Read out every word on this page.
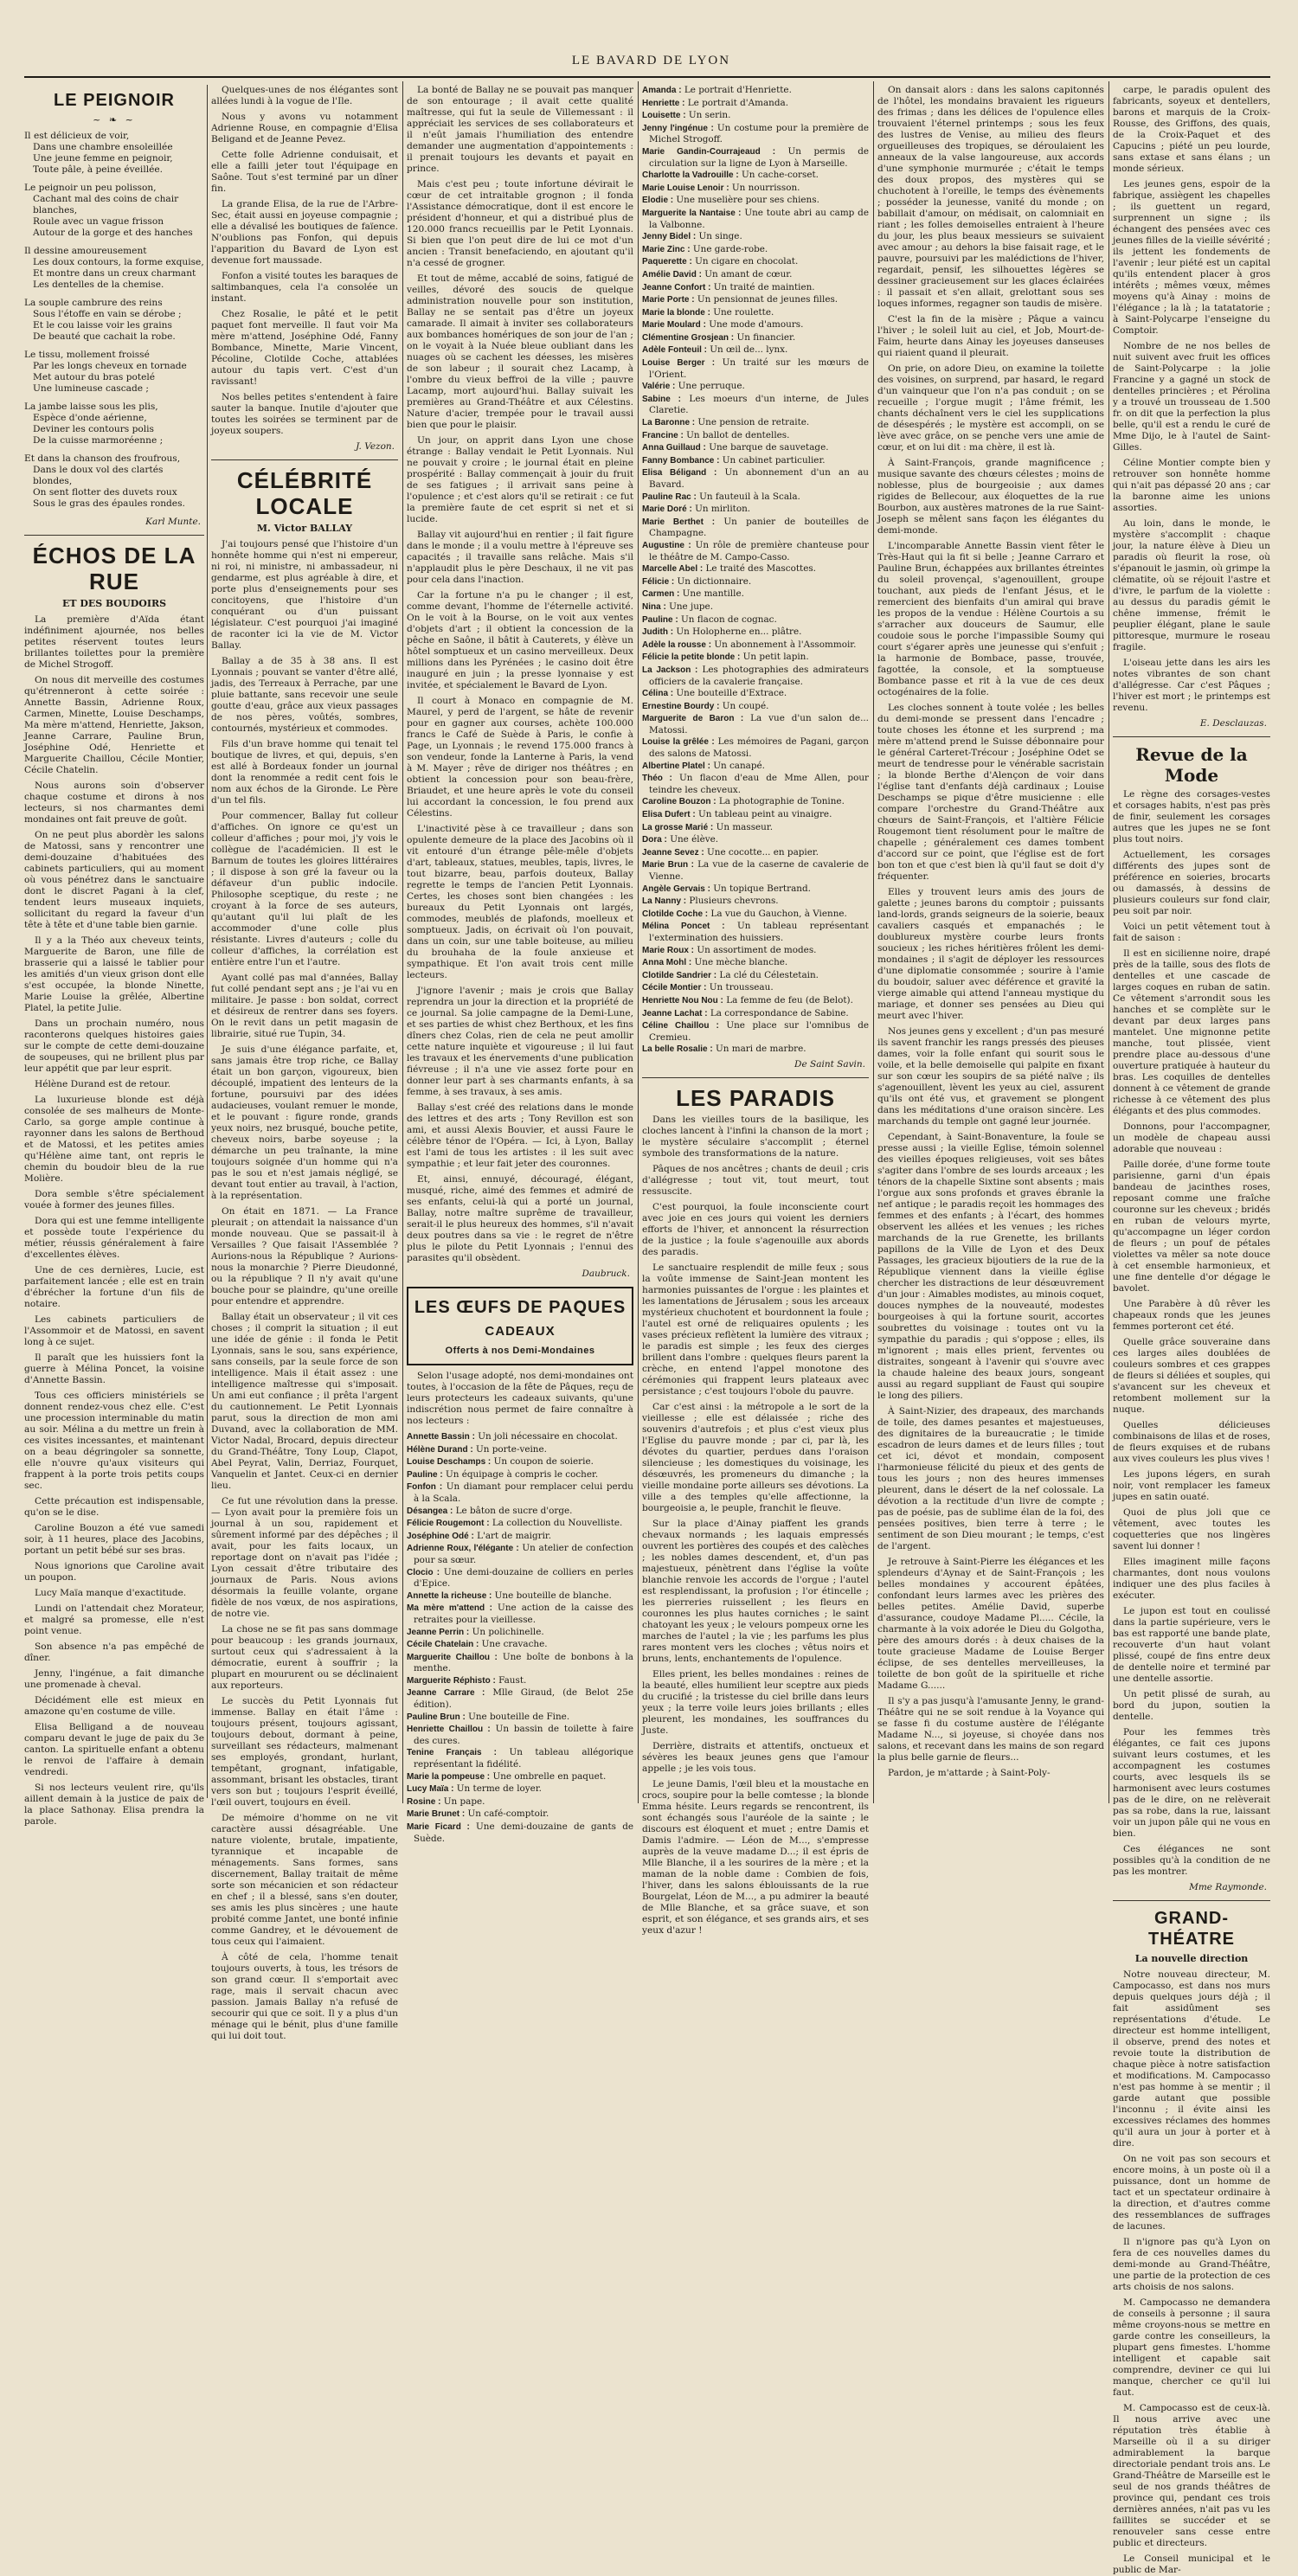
LE BAVARD DE LYON
LE PEIGNOIR
~ ❧ ~
Il est délicieux de voir,
Dans une chambre ensoleillée
Une jeune femme en peignoir,
Toute pâle, à peine éveillée.
Le peignoir un peu polisson,
Cachant mal des coins de chair blanches,
Roule avec un vague frisson
Autour de la gorge et des hanches
Il dessine amoureusement
Les doux contours, la forme exquise,
Et montre dans un creux charmant
Les dentelles de la chemise.
La souple cambrure des reins
Sous l'étoffe en vain se dérobe ;
Et le cou laisse voir les grains
De beauté que cachait la robe.
Le tissu, mollement froissé
Par les longs cheveux en tornade
Met autour du bras potelé
Une lumineuse cascade ;
La jambe laisse sous les plis,
Espèce d'onde aérienne,
Deviner les contours polis
De la cuisse marmoréenne ;
Et dans la chanson des froufrous,
Dans le doux vol des clartés blondes,
On sent flotter des duvets roux
Sous le gras des épaules rondes.
Karl Munte.
ÉCHOS DE LA RUE
ET DES BOUDOIRS

La première d'Aïda étant indéfiniment ajournée, nos belles petites réservent toutes leurs brillantes toilettes pour la première de Michel Strogoff.

On nous dit merveille des costumes qu'étrenneront à cette soirée : Annette Bassin, Adrienne Roux, Carmen, Minette, Louise Deschamps, Ma mère m'attend, Henriette, Jakson, Jeanne Carrare, Pauline Brun, Joséphine Odé, Henriette et Marguerite Chaillou, Cécile Montier, Cécile Chatelin.

Nous aurons soin d'observer chaque costume et dirons à nos lecteurs, si nos charmantes demi mondaines ont fait preuve de goût.

On ne peut plus abordèr les salons de Matossi, sans y rencontrer une demi-douzaine d'habituées des cabinets particuliers, qui au moment où vous pénétrez dans le sanctuaire dont le discret Pagani à la clef, tendent leurs museaux inquiets, sollicitant du regard la faveur d'un tête à tête et d'une table bien garnie.

Il y a la Théo aux cheveux teints, Marguerite de Baron, une fille de brasserie qui a laissé le tablier pour les amitiés d'un vieux grison dont elle s'est occupée, la blonde Ninette, Marie Louise la grêlée, Albertine Platel, la petite Julie.

Dans un prochain numéro, nous raconterons quelques histoires gaies sur le compte de cette demi-douzaine de soupeuses, qui ne brillent plus par leur appétit que par leur esprit.

Hélène Durand est de retour.

La luxurieuse blonde est déjà consolée de ses malheurs de Monte-Carlo, sa gorge ample continue à rayonner dans les salons de Berthoud et de Matossi, et les petites amies qu'Hélène aime tant, ont repris le chemin du boudoir bleu de la rue Molière.

Dora semble s'être spécialement vouée à former des jeunes filles.

Dora qui est une femme intelligente et possède toute l'expérience du métier, réussis généralement à faire d'excellentes élèves.

Une de ces dernières, Lucie, est parfaitement lancée ; elle est en train d'ébrécher la fortune d'un fils de notaire.

Les cabinets particuliers de l'Assommoir et de Matossi, en savent long à ce sujet.

Il paraît que les huissiers font la guerre à Mélina Poncet, la voisine d'Annette Bassin.

Tous ces officiers ministériels se donnent rendez-vous chez elle. C'est une procession interminable du matin au soir. Mélina a du mettre un frein à ces visites incessantes, et maintenant on a beau dégringoler sa sonnette, elle n'ouvre qu'aux visiteurs qui frappent à la porte trois petits coups sec.

Cette précaution est indispensable, qu'on se le dise.

Caroline Bouzon a été vue samedi soir, à 11 heures, place des Jacobins, portant un petit bébé sur ses bras.

Nous ignorions que Caroline avait un poupon.

Lucy Maïa manque d'exactitude.

Lundi on l'attendait chez Morateur, et malgré sa promesse, elle n'est point venue.

Son absence n'a pas empêché de dîner.

Jenny, l'ingénue, a fait dimanche une promenade à cheval.

Décidément elle est mieux en amazone qu'en costume de ville.

Elisa Belligand a de nouveau comparu devant le juge de paix du 3e canton. La spirituelle enfant a obtenu le renvoi de l'affaire à demain vendredi.

Si nos lecteurs veulent rire, qu'ils aillent demain à la justice de paix de la place Sathonay. Elisa prendra la parole.

Quelques-unes de nos élégantes sont allées lundi à la vogue de l'Ile.

Nous y avons vu notamment Adrienne Rouse, en compagnie d'Elisa Beligand et de Jeanne Pevez.

Cette folle Adrienne conduisait, et elle a failli jeter tout l'équipage en Saône. Tout s'est terminé par un dîner fin.

La grande Elisa, de la rue de l'Arbre-Sec, était aussi en joyeuse compagnie ; elle a dévalisé les boutiques de faïence. N'oublions pas Fonfon, qui depuis l'apparition du Bavard de Lyon est devenue fort maussade.

Fonfon a visité toutes les baraques de saltimbanques, cela l'a consolée un instant.

Chez Rosalie, le pâté et le petit paquet font merveille. Il faut voir Ma mère m'attend, Joséphine Odé, Fanny Bombance, Minette, Marie Vincent, Pécoline, Clotilde Coche, attablées autour du tapis vert. C'est d'un ravissant!

Nos belles petites s'entendent à faire sauter la banque. Inutile d'ajouter que toutes les soirées se terminent par de joyeux soupers.

J. Vezon.
CÉLÉBRITÉ LOCALE
M. Victor BALLAY

J'ai toujours pensé que l'histoire d'un honnête homme qui n'est ni empereur, ni roi, ni ministre, ni ambassadeur, ni gendarme, est plus agréable à dire, et porte plus d'enseignements pour ses concitoyens, que l'histoire d'un conquérant ou d'un puissant législateur. C'est pourquoi j'ai imaginé de raconter ici la vie de M. Victor Ballay.

Ballay a de 35 à 38 ans. Il est Lyonnais ; pouvant se vanter d'être allé, jadis, des Terreaux à Perrache, par une pluie battante, sans recevoir une seule goutte d'eau, grâce aux vieux passages de nos pères, voûtés, sombres, contournés, mystérieux et commodes.

Fils d'un brave homme qui tenait tel boutique de livres, et qui, depuis, s'en est allé à Bordeaux fonder un journal dont la renommée a redit cent fois le nom aux échos de la Gironde. Le Père d'un tel fils.

Pour commencer, Ballay fut colleur d'affiches. On ignore ce qu'est un colleur d'affiches ; pour moi, j'y vois le collègue de l'académicien. Il est le Barnum de toutes les gloires littéraires ; il dispose à son gré la faveur ou la défaveur d'un public indocile. Philosophe sceptique, du reste ; ne croyant à la force de ses auteurs, qu'autant qu'il lui plaît de les accommoder d'une colle plus résistante. Livres d'auteurs ; colle du colleur d'affiches, la corrélation est entière entre l'un et l'autre.

Ayant collé pas mal d'années, Ballay fut collé pendant sept ans ; je l'ai vu en militaire. Je passe : bon soldat, correct et désireux de rentrer dans ses foyers. On le revit dans un petit magasin de librairie, situé rue Tupin, 34.

Je suis d'une élégance parfaite, et, sans jamais être trop riche, ce Ballay était un bon garçon, vigoureux, bien découplé, impatient des lenteurs de la fortune, poursuivi par des idées audacieuses, voulant remuer le monde, et le pouvant : figure ronde, grands yeux noirs, nez brusqué, bouche petite, cheveux noirs, barbe soyeuse ; la démarche un peu traînante, la mine toujours soignée d'un homme qui n'a pas le sou et n'est jamais négligé, se devant tout entier au travail, à l'action, à la représentation.

On était en 1871. — La France pleurait ; on attendait la naissance d'un monde nouveau. Que se passait-il à Versailles ? Que faisait l'Assemblée ? Aurions-nous la République ? Aurions-nous la monarchie ? Pierre Dieudonné, ou la république ? Il n'y avait qu'une bouche pour se plaindre, qu'une oreille pour entendre et apprendre.

Ballay était un observateur ; il vit ces choses ; il comprit la situation ; il eut une idée de génie : il fonda le Petit Lyonnais, sans le sou, sans expérience, sans conseils, par la seule force de son intelligence. Mais il était assez : une intelligence maîtresse qui s'imposait. Un ami eut confiance ; il prêta l'argent du cautionnement. Le Petit Lyonnais parut, sous la direction de mon ami Duvand, avec la collaboration de MM. Victor Nadal, Brocard, depuis directeur du Grand-Théâtre, Tony Loup, Clapot, Abel Peyrat, Valin, Derriaz, Fourquet, Vanquelin et Jantet. Ceux-ci en dernier lieu.

Ce fut une révolution dans la presse. — Lyon avait pour la première fois un journal à un sou, rapidement et sûrement informé par des dépêches ; il avait, pour les faits locaux, un reportage dont on n'avait pas l'idée ; Lyon cessait d'être tributaire des journaux de Paris. Nous avions désormais la feuille volante, organe fidèle de nos vœux, de nos aspirations, de notre vie.

La chose ne se fit pas sans dommage pour beaucoup : les grands journaux, surtout ceux qui s'adressaient à la démocratie, eurent à souffrir ; la plupart en moururent ou se déclinaient aux reporteurs.

Le succès du Petit Lyonnais fut immense. Ballay en était l'âme : toujours présent, toujours agissant, toujours debout, dormant à peine, surveillant ses rédacteurs, malmenant ses employés, grondant, hurlant, tempêtant, grognant, infatigable, assommant, brisant les obstacles, tirant vers son but ; toujours l'esprit éveillé, l'œil ouvert, toujours en éveil.

De mémoire d'homme on ne vit caractère aussi désagréable. Une nature violente, brutale, impatiente, tyrannique et incapable de ménagements. Sans formes, sans discernement, Ballay traitait de même sorte son mécanicien et son rédacteur en chef ; il a blessé, sans s'en douter, ses amis les plus sincères ; une haute probité comme Jantet, une bonté infinie comme Gandrey, et le dévouement de tous ceux qui l'aimaient.

À côté de cela, l'homme tenait toujours ouverts, à tous, les trésors de son grand cœur. Il s'emportait avec rage, mais il servait chacun avec passion. Jamais Ballay n'a refusé de secourir qui que ce soit. Il y a plus d'un ménage qui le bénit, plus d'une famille qui lui doit tout.

La bonté de Ballay ne se pouvait pas manquer de son entourage ; il avait cette qualité maîtresse, qui fut la seule de Villemessant : il appréciait les services de ses collaborateurs et il n'eût jamais l'humiliation des entendre demander une augmentation d'appointements : il prenait toujours les devants et payait en prince.

Mais c'est peu ; toute infortune dévirait le cœur de cet intraitable grognon ; il fonda l'Assistance démocratique, dont il est encore le président d'honneur, et qui a distribué plus de 120.000 francs recueillis par le Petit Lyonnais. Si bien que l'on peut dire de lui ce mot d'un ancien : Transit benefaciendo, en ajoutant qu'il n'a cessé de grogner.

Et tout de même, accablé de soins, fatigué de veilles, dévoré des soucis de quelque administration nouvelle pour son institution, Ballay ne se sentait pas d'être un joyeux camarade. Il aimait à inviter ses collaborateurs aux bombances homériques de son jour de l'an ; on le voyait à la Nuée bleue oubliant dans les nuages où se cachent les déesses, les misères de son labeur ; il sourait chez Lacamp, à l'ombre du vieux beffroi de la ville ; pauvre Lacamp, mort aujourd'hui. Ballay suivait les premières au Grand-Théâtre et aux Célestins. Nature d'acier, trempée pour le travail aussi bien que pour le plaisir.

Un jour, on apprit dans Lyon une chose étrange : Ballay vendait le Petit Lyonnais. Nul ne pouvait y croire ; le journal était en pleine prospérité : Ballay commençait à jouir du fruit de ses fatigues ; il arrivait sans peine à l'opulence ; et c'est alors qu'il se retirait : ce fut la première faute de cet esprit si net et si lucide.

Ballay vit aujourd'hui en rentier ; il fait figure dans le monde ; il a voulu mettre à l'épreuve ses capacités ; il travaille sans relâche. Mais s'il n'applaudit plus le père Deschaux, il ne vit pas pour cela dans l'inaction.

Car la fortune n'a pu le changer ; il est, comme devant, l'homme de l'éternelle activité. On le voit à la Bourse, on le voit aux ventes d'objets d'art ; il obtient la concession de la pêche en Saône, il bâtit à Cauterets, y élève un hôtel somptueux et un casino merveilleux. Deux millions dans les Pyrénées ; le casino doit être inauguré en juin ; la presse lyonnaise y est invitée, et spécialement le Bavard de Lyon.

Il court à Monaco en compagnie de M. Maurel, y perd de l'argent, se hâte de revenir pour en gagner aux courses, achète 100.000 francs le Café de Suède à Paris, le confie à Page, un Lyonnais ; le revend 175.000 francs à son vendeur, fonde la Lanterne à Paris, la vend à M. Mayer ; rêve de diriger nos théâtres ; en obtient la concession pour son beau-frère, Briaudet, et une heure après le vote du conseil lui accordant la concession, le fou prend aux Célestins.

L'inactivité pèse à ce travailleur ; dans son opulente demeure de la place des Jacobins où il vit entouré d'un étrange pêle-mêle d'objets d'art, tableaux, statues, meubles, tapis, livres, le tout bizarre, beau, parfois douteux, Ballay regrette le temps de l'ancien Petit Lyonnais. Certes, les choses sont bien changées : les bureaux du Petit Lyonnais ont largés, commodes, meublés de plafonds, moelleux et somptueux. Jadis, on écrivait où l'on pouvait, dans un coin, sur une table boiteuse, au milieu du brouhaha de la foule anxieuse et sympathique. Et l'on avait trois cent mille lecteurs.

J'ignore l'avenir ; mais je crois que Ballay reprendra un jour la direction et la propriété de ce journal. Sa jolie campagne de la Demi-Lune, et ses parties de whist chez Berthoux, et les fins dîners chez Colas, rien de cela ne peut amollir cette nature inquiète et vigoureuse ; il lui faut les travaux et les énervements d'une publication fiévreuse ; il n'a une vie assez forte pour en donner leur part à ses charmants enfants, à sa femme, à ses travaux, à ses amis.

Ballay s'est créé des relations dans le monde des lettres et des arts ; Tony Revillon est son ami, et aussi Alexis Bouvier, et aussi Faure le célèbre ténor de l'Opéra. — Ici, à Lyon, Ballay est l'ami de tous les artistes : il les suit avec sympathie ; et leur fait jeter des couronnes.

Et, ainsi, ennuyé, découragé, élégant, musqué, riche, aimé des femmes et admiré de ses enfants, celui-là qui a porté un journal, Ballay, notre maître suprême de travailleur, serait-il le plus heureux des hommes, s'il n'avait deux poutres dans sa vie : le regret de n'être plus le pilote du Petit Lyonnais ; l'ennui des parasites qu'il obsèdent.

Daubruck.
LES ŒUFS DE PAQUES
CADEAUX
Offerts à nos Demi-Mondaines

Selon l'usage adopté, nos demi-mondaines ont toutes, à l'occasion de la fête de Pâques, reçu de leurs protecteurs les cadeaux suivants, qu'une indiscrétion nous permet de faire connaître à nos lecteurs :

Annette Bassin : Un joli nécessaire en chocolat.
Hélène Durand : Un porte-veine.
Louise Deschamps : Un coupon de soierie.
Pauline : Un équipage à compris le cocher.
Fonfon : Un diamant pour remplacer celui perdu à la Scala.
Désangea : Le bâton de sucre d'orge.
Félicie Rougemont : La collection du Nouvelliste.
Joséphine Odé : L'art de maigrir.
Adrienne Roux, l'élégante : Un atelier de confection pour sa sœur.
Clocio : Une demi-douzaine de colliers en perles d'Epice.
Annette la richeuse : Une bouteille de blanche.
Ma mère m'attend : Une action de la caisse des retraites pour la vieillesse.
Jeanne Perrin : Un polichinelle.
Cécile Chatelain : Une cravache.
Marguerite Chaillou : Une boîte de bonbons à la menthe.
Marguerite Réphisto : Faust.
Jeanne Carrare : Mlle Giraud, (de Belot 25e édition).
Pauline Brun : Une bouteille de Fine.
Henriette Chaillou : Un bassin de toilette à faire des cures.
Tenine Français : Un tableau allégorique représentant la fidélité.
Marie la pompeuse : Une ombrelle en paquet.
Lucy Maïa : Un terme de loyer.
Rosine : Un pape.
Marie Brunet : Un café-comptoir.
Marie Ficard : Une demi-douzaine de gants de Suède.
Amanda : Le portrait d'Henriette.
Henriette : Le portrait d'Amanda.
Louisette : Un serin.
Jenny l'ingénue : Un costume pour la première de Michel Strogoff.
Marie Gandin-Courrajeaud : Un permis de circulation sur la ligne de Lyon à Marseille.
Charlotte la Vadrouille : Un cache-corset.
Marie Louise Lenoir : Un nourrisson.
Elodie : Une muselière pour ses chiens.
Marguerite la Nantaise : Une toute abri au camp de la Valbonne.
Jenny Bidel : Un singe.
Marie Zinc : Une garde-robe.
Paquerette : Un cigare en chocolat.
Amélie David : Un amant de cœur.
Jeanne Confort : Un traité de maintien.
Marie Porte : Un pensionnat de jeunes filles.
Marie la blonde : Une roulette.
Marie Moulard : Une mode d'amours.
Clémentine Grosjean : Un financier.
Adèle Fonteuil : Un œil de... lynx.
Louise Berger : Un traité sur les mœurs de l'Orient.
Valérie : Une perruque.
Sabine : Les moeurs d'un interne, de Jules Claretie.
La Baronne : Une pension de retraite.
Francine : Un ballot de dentelles.
Anna Guillaud : Une barque de sauvetage.
Fanny Bombance : Un cabinet particulier.
Elisa Béligand : Un abonnement d'un an au Bavard.
Pauline Rac : Un fauteuil à la Scala.
Marie Doré : Un mirliton.
Marie Berthet : Un panier de bouteilles de Champagne.
Augustine : Un rôle de première chanteuse pour le théâtre de M. Campo-Casso.
Marcelle Abel : Le traité des Mascottes.
Félicie : Un dictionnaire.
Carmen : Une mantille.
Nina : Une jupe.
Pauline : Un flacon de cognac.
Judith : Un Holopherne en... plâtre.
Adèle la rousse : Un abonnement à l'Assommoir.
Félicie la petite blonde : Un petit lapin.
La Jackson : Les photographies des admirateurs officiers de la cavalerie française.
Célina : Une bouteille d'Extrace.
Ernestine Bourdy : Un coupé.
Marguerite de Baron : La vue d'un salon de... Matossi.
Louise la grêlée : Les mémoires de Pagani, garçon des salons de Matossi.
Albertine Platel : Un canapé.
Théo : Un flacon d'eau de Mme Allen, pour teindre les cheveux.
Caroline Bouzon : La photographie de Tonine.
Elisa Dufert : Un tableau peint au vinaigre.
La grosse Marié : Un masseur.
Dora : Une élève.
Jeanne Sevez : Une cocotte... en papier.
Marie Brun : La vue de la caserne de cavalerie de Vienne.
Angèle Gervais : Un topique Bertrand.
La Nanny : Plusieurs chevrons.
Clotilde Coche : La vue du Gauchon, à Vienne.
Mélina Poncet : Un tableau représentant l'extermination des huissiers.
Marie Roux : Un assortiment de modes.
Anna Mohl : Une mèche blanche.
Clotilde Sandrier : La clé du Célestetain.
Cécile Montier : Un trousseau.
Henriette Nou Nou : La femme de feu (de Belot).
Jeanne Lachat : La correspondance de Sabine.
Céline Chaillou : Une place sur l'omnibus de Cremieu.
La belle Rosalie : Un mari de marbre.
De Saint Savin.
LES PARADIS

Dans les vieilles tours de la basilique, les cloches lancent à l'infini la chanson de la mort ; le mystère séculaire s'accomplit ; éternel symbole des transformations de la nature.

Pâques de nos ancêtres ; chants de deuil ; cris d'allégresse ; tout vit, tout meurt, tout ressuscite.

C'est pourquoi, la foule inconsciente court avec joie en ces jours qui voient les derniers efforts de l'hiver, et annoncent la résurrection de la justice ; la foule s'agenouille aux abords des paradis.

Le sanctuaire resplendit de mille feux ; sous la voûte immense de Saint-Jean montent les harmonies puissantes de l'orgue : les plaintes et les lamentations de Jérusalem ; sous les arceaux mystérieux chuchotent et bourdonnent la foule ; l'autel est orné de reliquaires opulents ; les vases précieux reflètent la lumière des vitraux ; le paradis est simple ; les feux des cierges brillent dans l'ombre : quelques fleurs parent la crèche, en entend l'appel monotone des cérémonies qui frappent leurs plateaux avec persistance ; c'est toujours l'obole du pauvre.

Car c'est ainsi : la métropole a le sort de la vieillesse ; elle est délaissée ; riche des souvenirs d'autrefois ; et plus c'est vieux plus l'Eglise du pauvre monde ; par ci, par là, les dévotes du quartier, perdues dans l'oraison silencieuse ; les domestiques du voisinage, les désœuvrés, les promeneurs du dimanche ; la vieille mondaine porte ailleurs ses dévotions. La ville a des temples qu'elle affectionne, la bourgeoisie a, le peuple, franchit le fleuve.

Sur la place d'Ainay piaffent les grands chevaux normands ; les laquais empressés ouvrent les portières des coupés et des calèches ; les nobles dames descendent, et, d'un pas majestueux, pénètrent dans l'église la voûte blanchie renvoie les accords de l'orgue ; l'autel est resplendissant, la profusion ; l'or étincelle ; les pierreries ruissellent ; les fleurs en couronnes les plus hautes corniches ; le saint chatoyant les yeux ; le velours pompeux orne les marches de l'autel ; la vie ; les parfums les plus rares montent vers les cloches ; vêtus noirs et bruns, lents, enchantements de l'opulence.

Elles prient, les belles mondaines : reines de la beauté, elles humilient leur sceptre aux pieds du crucifié ; la tristesse du ciel brille dans leurs yeux ; la terre voile leurs joies brillants ; elles pleurent, les mondaines, les souffrances du Juste.

Derrière, distraits et attentifs, onctueux et sévères les beaux jeunes gens que l'amour appelle ; je les vois tous.

Le jeune Damis, l'œil bleu et la moustache en crocs, soupire pour la belle comtesse ; la blonde Emma hésite. Leurs regards se rencontrent, ils sont échangés sous l'auréole de la sainte ; le discours est éloquent et muet ; entre Damis et Damis l'admire. — Léon de M..., s'empresse auprès de la veuve madame D...; il est épris de Mlle Blanche, il a les sourires de la mère ; et la maman de la noble dame : Combien de fois, l'hiver, dans les salons éblouissants de la rue Bourgelat, Léon de M..., a pu admirer la beauté de Mlle Blanche, et sa grâce suave, et son esprit, et son élégance, et ses grands airs, et ses yeux d'azur !

On dansait alors : dans les salons capitonnés de l'hôtel, les mondains bravaient les rigueurs des frimas ; dans les délices de l'opulence elles trouvaient l'éternel printemps ; sous les feux des lustres de Venise, au milieu des fleurs orgueilleuses des tropiques, se déroulaient les anneaux de la valse langoureuse, aux accords d'une symphonie murmurée ; c'était le temps des doux propos, des mystères qui se chuchotent à l'oreille, le temps des évènements ; posséder la jeunesse, vanité du monde ; on babillait d'amour, on médisait, on calomniait en riant ; les folles demoiselles entraient à l'heure du jour, les plus beaux messieurs se suivaient avec amour ; au dehors la bise faisait rage, et le pauvre, poursuivi par les malédictions de l'hiver, regardait, pensif, les silhouettes légères se dessiner gracieusement sur les glaces éclairées : il passait et s'en allait, grelottant sous ses loques informes, regagner son taudis de misère.

C'est la fin de la misère ; Pâque a vaincu l'hiver ; le soleil luit au ciel, et Job, Mourt-de-Faim, heurte dans Ainay les joyeuses danseuses qui riaient quand il pleurait.

On prie, on adore Dieu, on examine la toilette des voisines, on surprend, par hasard, le regard d'un vainqueur que l'on n'a pas conduit ; on se recueille ; l'orgue mugit ; l'âme frémit, les chants déchaînent vers le ciel les supplications de désespérés ; le mystère est accompli, on se lève avec grâce, on se penche vers une amie de cœur, et on lui dit : ma chère, il est là.

À Saint-François, grande magnificence ; musique savante des chœurs célestes ; moins de noblesse, plus de bourgeoisie ; aux dames rigides de Bellecour, aux éloquettes de la rue Bourbon, aux austères matrones de la rue Saint-Joseph se mêlent sans façon les élégantes du demi-monde.

L'incomparable Annette Bassin vient fêter le Très-Haut qui la fit si belle ; Jeanne Carraro et Pauline Brun, échappées aux brillantes étreintes du soleil provençal, s'agenouillent, groupe touchant, aux pieds de l'enfant Jésus, et le remercient des bienfaits d'un amiral qui brave les propos de la vendue : Hélène Courtois a su s'arracher aux douceurs de Saumur, elle coudoie sous le porche l'impassible Soumy qui court s'égarer après une jeunesse qui s'enfuit ; la harmonie de Bombace, passe, trouvée, fagottée, la console, et la somptueuse Bombance passe et rit à la vue de ces deux octogénaires de la folie.

Les cloches sonnent à toute volée ; les belles du demi-monde se pressent dans l'encadre ; toute choses les étonne et les surprend ; ma mère m'attend prend le Suisse débonnaire pour le général Carteret-Trécour ; Joséphine Odet se meurt de tendresse pour le vénérable sacristain ; la blonde Berthe d'Alençon de voir dans l'église tant d'enfants déjà cardinaux ; Louise Deschamps se pique d'être musicienne : elle compare l'orchestre du Grand-Théâtre aux chœurs de Saint-François, et l'altière Félicie Rougemont tient résolument pour le maître de chapelle ; généralement ces dames tombent d'accord sur ce point, que l'église est de fort bon ton et que c'est bien là qu'il faut se doit d'y fréquenter.

Elles y trouvent leurs amis des jours de galette ; jeunes barons du comptoir ; puissants land-lords, grands seigneurs de la soierie, beaux cavaliers casqués et empanachés ; le doublureux mystère courbe leurs fronts soucieux ; les riches héritières frôlent les demi-mondaines ; il s'agit de déployer les ressources d'une diplomatie consommée ; sourire à l'amie du boudoir, saluer avec déférence et gravité la vierge aimable qui attend l'anneau mystique du mariage, et donner ses pensées au Dieu qui meurt avec l'hiver.

Nos jeunes gens y excellent ; d'un pas mesuré ils savent franchir les rangs pressés des pieuses dames, voir la folle enfant qui sourit sous le voile, et la belle demoiselle qui palpite en fixant sur son cœur les soupirs de sa piété naïve ; ils s'agenouillent, lèvent les yeux au ciel, assurent qu'ils ont été vus, et gravement se plongent dans les méditations d'une oraison sincère. Les marchands du temple ont gagné leur journée.

Cependant, à Saint-Bonaventure, la foule se presse aussi ; la vieille Eglise, témoin solennel des vieilles époques religieuses, voit ses bâtes s'agiter dans l'ombre de ses lourds arceaux ; les ténors de la chapelle Sixtine sont absents ; mais l'orgue aux sons profonds et graves ébranle la nef antique ; le paradis reçoit les hommages des femmes et des enfants ; à l'écart, des hommes observent les allées et les venues ; les riches marchands de la rue Grenette, les brillants papillons de la Ville de Lyon et des Deux Passages, les gracieux bijoutiers de la rue de la République viennent dans la vieille église chercher les distractions de leur désœuvrement d'un jour : Aimables modistes, au minois coquet, douces nymphes de la nouveauté, modestes bourgeoises à qui la fortune sourit, accortes soubrettes du voisinage : toutes ont vu la sympathie du paradis ; qui s'oppose ; elles, ils m'ignorent ; mais elles prient, ferventes ou distraites, songeant à l'avenir qui s'ouvre avec la chaude haleine des beaux jours, songeant aussi au regard suppliant de Faust qui soupire le long des piliers.

À Saint-Nizier, des drapeaux, des marchands de toile, des dames pesantes et majestueuses, des dignitaires de la bureaucratie ; le timide escadron de leurs dames et de leurs filles ; tout cet ici, dévot et mondain, composent l'harmonieuse félicité du pieux et des gents de tous les jours ; non des heures immenses pleurent, dans le désert de la nef colossale. La dévotion a la rectitude d'un livre de compte ; pas de poésie, pas de sublime élan de la foi, des pensées positives, bien terre à terre ; le sentiment de son Dieu mourant ; le temps, c'est de l'argent.

Je retrouve à Saint-Pierre les élégances et les splendeurs d'Aynay et de Saint-François ; les belles mondaines y accourent épâtées, confondant leurs larmes avec les prières des belles petites. Amélie David, superbe d'assurance, coudoye Madame Pl..... Cécile, la charmante à la voix adorée le Dieu du Golgotha, père des amours dorés : à deux chaises de la toute gracieuse Madame de Louise Berger éclipse, de ses dentelles merveilleuses, la toilette de bon goût de la spirituelle et riche Madame G......

Il s'y a pas jusqu'à l'amusante Jenny, le grand-Théâtre qui ne se soit rendue à la Voyance qui se fasse fi du costume austère de l'élégante Madame N..., si joyeuse, si choyée dans nos salons, et recevant dans les mains de son regard la plus belle garnie de fleurs...

Pardon, je m'attarde ; à Saint-Poly-

carpe, le paradis opulent des fabricants, soyeux et dentellers, barons et marquis de la Croix-Rousse, des Griffons, des quais, de la Croix-Paquet et des Capucins ; piété un peu lourde, sans extase et sans élans ; un monde sérieux.

Les jeunes gens, espoir de la fabrique, assiègent les chapelles ; ils guettent un regard, surprennent un signe ; ils échangent des pensées avec ces jeunes filles de la vieille sévérité ; ils jettent les fondements de l'avenir ; leur piété est un capital qu'ils entendent placer à gros intérêts ; mêmes vœux, mêmes moyens qu'à Ainay : moins de l'élégance ; la là ; la tatatatorie ; à Saint-Polycarpe l'enseigne du Comptoir.

Nombre de ne nos belles de nuit suivent avec fruit les offices de Saint-Polycarpe : la jolie Francine y a gagné un stock de dentelles princières ; et Pérolina y a trouvé un trousseau de 1.500 fr. on dit que la perfection la plus belle, qu'il est a rendu le curé de Mme Dijo, le à l'autel de Saint-Gilles.

Céline Montier compte bien y retrouver son honnête homme qui n'ait pas dépassé 20 ans ; car la baronne aime les unions assorties.

Au loin, dans le monde, le mystère s'accomplit : chaque jour, la nature élève à Dieu un paradis où fleurit la rose, où s'épanouit le jasmin, où grimpe la clématite, où se réjouit l'astre et d'ivre, le parfum de la violette : au dessus du paradis gémit le chêne immense, frémit le peuplier élégant, plane le saule pittoresque, murmure le roseau fragile.

L'oiseau jette dans les airs les notes vibrantes de son chant d'allégresse. Car c'est Pâques ; l'hiver est mort ; le printemps est revenu.

E. Desclauzas.
Revue de la Mode

Le règne des corsages-vestes et corsages habits, n'est pas près de finir, seulement les corsages autres que les jupes ne se font plus tout noirs.

Actuellement, les corsages différents des jupes sont de préférence en soieries, brocarts ou damassés, à dessins de plusieurs couleurs sur fond clair, peu soit par noir.

Voici un petit vêtement tout à fait de saison :

Il est en sicilienne noire, drapé près de la taille, sous des flots de dentelles et une cascade de larges coques en ruban de satin. Ce vêtement s'arrondit sous les hanches et se complète sur le devant par deux larges pans mantelet. Une mignonne petite manche, tout plissée, vient prendre place au-dessous d'une ouverture pratiquée à hauteur du bras. Les coquilles de dentelles donnent à ce vêtement de grande richesse à ce vêtement des plus élégants et des plus commodes.

Donnons, pour l'accompagner, un modèle de chapeau aussi adorable que nouveau :

Paille dorée, d'une forme toute parisienne, garni d'un épais bandeau de jacinthes roses, reposant comme une fraîche couronne sur les cheveux ; bridés en ruban de velours myrte, qu'accompagne un léger cordon de fleurs ; un pouf de pétales violettes va mêler sa note douce à cet ensemble harmonieux, et une fine dentelle d'or dégage le bavolet.

Une Parabère à dû rêver les chapeaux ronds que les jeunes femmes porteront cet été.

Quelle grâce souveraine dans ces larges ailes doublées de couleurs sombres et ces grappes de fleurs si déliées et souples, qui s'avancent sur les cheveux et retombent mollement sur la nuque.

Quelles délicieuses combinaisons de lilas et de roses, de fleurs exquises et de rubans aux vives couleurs les plus vives !

Les jupons légers, en surah noir, vont remplacer les fameux jupes en satin ouaté.

Quoi de plus joli que ce vêtement, avec toutes les coquetteries que nos lingères savent lui donner !

Elles imaginent mille façons charmantes, dont nous voulons indiquer une des plus faciles à exécuter.

Le jupon est tout en coulissé dans la partie supérieure, vers le bas est rapporté une bande plate, recouverte d'un haut volant plissé, coupé de fins entre deux de dentelle noire et terminé par une dentelle assortie.

Un petit plissé de surah, au bord du jupon, soutien la dentelle.

Pour les femmes très élégantes, ce fait ces jupons suivant leurs costumes, et les accompagnent les costumes courts, avec lesquels ils se harmonisent avec leurs costumes pas de le dire, on ne relèverait pas sa robe, dans la rue, laissant voir un jupon pâle qui ne vous en bien.

Ces élégances ne sont possibles qu'à la condition de ne pas les montrer.

Mme Raymonde.
GRAND-THÉATRE
La nouvelle direction

Notre nouveau directeur, M. Campocasso, est dans nos murs depuis quelques jours déjà ; il fait assidûment ses représentations d'étude. Le directeur est homme intelligent, il observe, prend des notes et revoie toute la distribution de chaque pièce à notre satisfaction et modifications. M. Campocasso n'est pas homme à se mentir ; il garde autant que possible l'inconnu ; il évite ainsi les excessives réclames des hommes qu'il aura un jour à porter et à dire.

On ne voit pas son secours et encore moins, à un poste où il a puissance, dont un homme de tact et un spectateur ordinaire à la direction, et d'autres comme des ressemblances de suffrages de lacunes.

Il n'ignore pas qu'à Lyon on fera de ces nouvelles dames du demi-monde au Grand-Théâtre, une partie de la protection de ces arts choisis de nos salons.

M. Campocasso ne demandera de conseils à personne ; il saura même croyons-nous se mettre en garde contre les conseilleurs, la plupart gens fimestes. L'homme intelligent et capable sait comprendre, deviner ce qui lui manque, chercher ce qu'il lui faut.

M. Campocasso est de ceux-là. Il nous arrive avec une réputation très établie à Marseille où il a su diriger admirablement la barque directoriale pendant trois ans. Le Grand-Théâtre de Marseille est le seul de nos grands théâtres de province qui, pendant ces trois dernières années, n'ait pas vu les faillites se succéder et se renouveler sans cesse entre public et directeurs.

Le Conseil municipal et le public de Mar-
